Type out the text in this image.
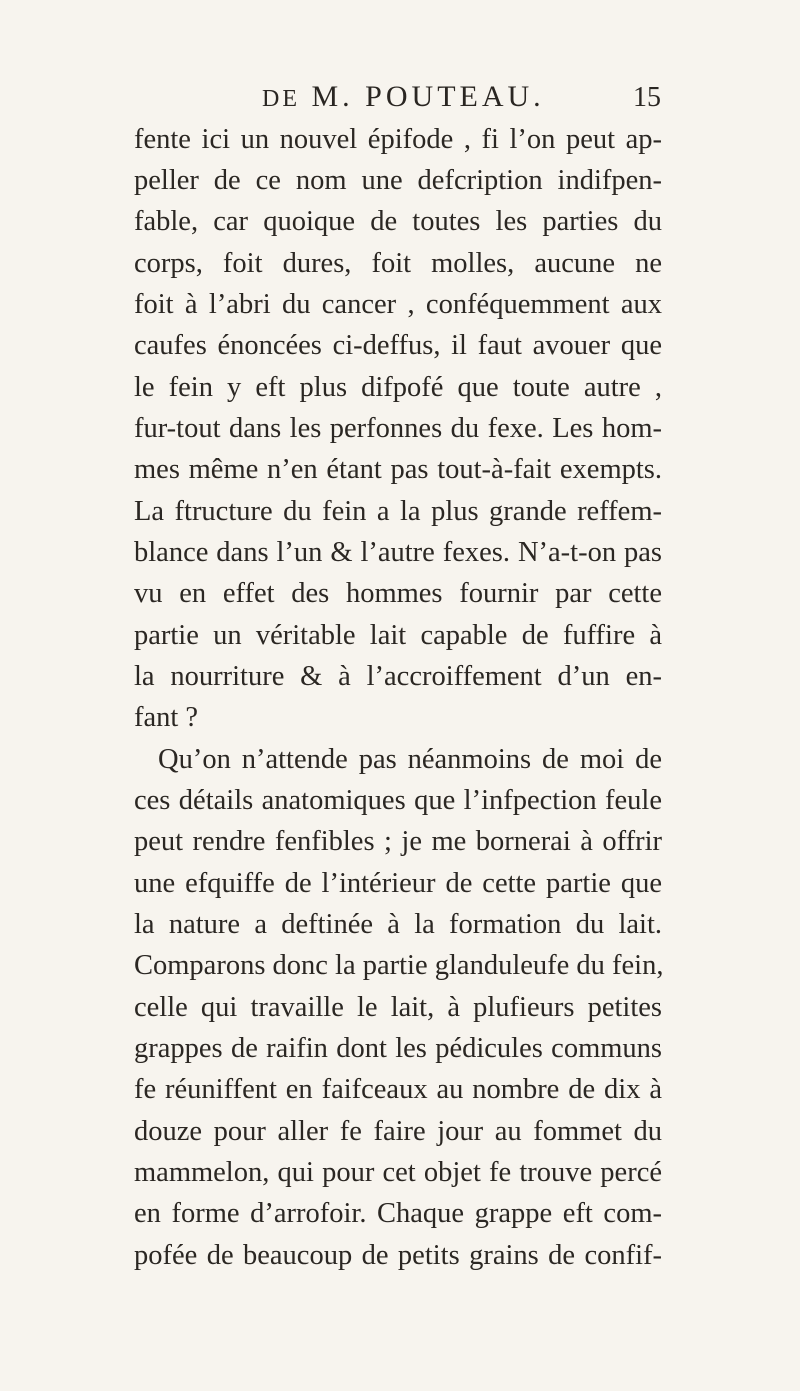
DE M. POUTEAU.	15
fente ici un nouvel épifode , fi l’on peut ap-
peller de ce nom une defcription indifpen-
fable, car quoique de toutes les parties du
corps, foit dures, foit molles, aucune ne
foit à l’abri du cancer , conféquemment aux
caufes énoncées ci-deffus, il faut avouer que
le fein y eft plus difpofé que toute autre ,
fur-tout dans les perfonnes du fexe. Les hom-
mes même n’en étant pas tout-à-fait exempts.
La ftructure du fein a la plus grande reffem-
blance dans l’un & l’autre fexes. N’a-t-on pas
vu en effet des hommes fournir par cette
partie un véritable lait capable de fuffire à
la nourriture & à l’accroiffement d’un en-
fant ?
Qu’on n’attende pas néanmoins de moi de
ces détails anatomiques que l’infpection feule
peut rendre fenfibles ; je me bornerai à offrir
une efquiffe de l’intérieur de cette partie que
la nature a deftinée à la formation du lait.
Comparons donc la partie glanduleufe du fein,
celle qui travaille le lait, à plufieurs petites
grappes de raifin dont les pédicules communs
fe réuniffent en faifceaux au nombre de dix à
douze pour aller fe faire jour au fommet du
mammelon, qui pour cet objet fe trouve percé
en forme d’arrofoir. Chaque grappe eft com-
pofée de beaucoup de petits grains de confif-
